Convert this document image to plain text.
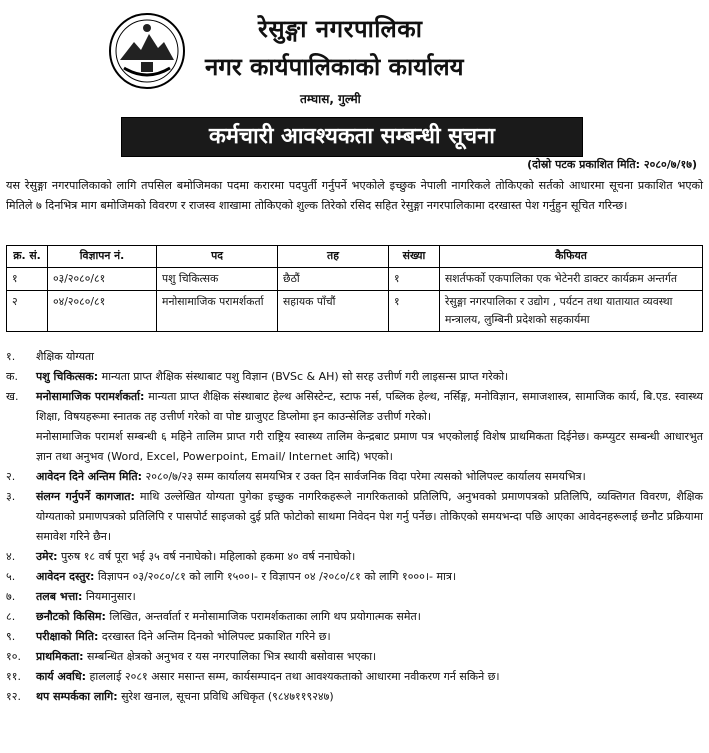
रेसुङ्गा नगरपालिका
नगर कार्यपालिकाको कार्यालय
तम्घास, गुल्मी
कर्मचारी आवश्यकता सम्बन्धी सूचना
(दोस्रो पटक प्रकाशित मिति: २०८०/७/१७)
यस रेसुङ्गा नगरपालिकाको लागि तपसिल बमोजिमका पदमा करारमा पदपुर्ती गर्नुपर्ने भएकोले इच्छुक नेपाली नागरिकले तोकिएको सर्तको आधारमा सूचना प्रकाशित भएको मितिले ७ दिनभित्र माग बमोजिमको विवरण र राजस्व शाखामा तोकिएको शुल्क तिरेको रसिद सहित रेसुङ्गा नगरपालिकामा दरखास्त पेश गर्नुहुन सूचित गरिन्छ।
क्र. सं.	विज्ञापन नं.	पद	तह	संख्या	कैफियत
१	०३/२०८०/८१	पशु चिकित्सक	छैठौं	१	सशर्तफर्को एकपालिका एक भेटेनरी डाक्टर कार्यक्रम अन्तर्गत
२	०४/२०८०/८१	मनोसामाजिक परामर्शकर्ता	सहायक पाँचौं	१	रेसुङ्गा नगरपालिका र उद्योग , पर्यटन तथा यातायात व्यवस्था मन्त्रालय, लुम्बिनी प्रदेशको सहकार्यमा
१.	शैक्षिक योग्यता
क.	पशु चिकित्सक: मान्यता प्राप्त शैक्षिक संस्थाबाट पशु विज्ञान (BVSc & AH) सो सरह उत्तीर्ण गरी लाइसन्स प्राप्त गरेको।
ख.	मनोसामाजिक परामर्शकर्ता: मान्यता प्राप्त शैक्षिक संस्थाबाट हेल्थ असिस्टेन्ट, स्टाफ नर्स, पब्लिक हेल्थ, नर्सिङ्ग, मनोविज्ञान, समाजशास्त्र, सामाजिक कार्य, बि.एड. स्वास्थ्य शिक्षा, विषयहरूमा स्नातक तह उत्तीर्ण गरेको वा पोष्ट ग्राजुएट डिप्लोमा इन काउन्सेलिङ उत्तीर्ण गरेको।
मनोसामाजिक परामर्श सम्बन्धी ६ महिने तालिम प्राप्त गरी राष्ट्रिय स्वास्थ्य तालिम केन्द्रबाट प्रमाण पत्र भएकोलाई विशेष प्राथमिकता दिईनेछ। कम्प्युटर सम्बन्धी आधारभुत ज्ञान तथा अनुभव (Word, Excel, Powerpoint, Email/ Internet आदि) भएको।
२.	आवेदन दिने अन्तिम मिति: २०८०/७/२३ सम्म कार्यालय समयभित्र र उक्त दिन सार्वजनिक विदा परेमा त्यसको भोलिपल्ट कार्यालय समयभित्र।
३.	संलग्न गर्नुपर्ने कागजात: माथि उल्लेखित योग्यता पुगेका इच्छुक नागरिकहरूले नागरिकताको प्रतिलिपि, अनुभवको प्रमाणपत्रको प्रतिलिपि, व्यक्तिगत विवरण, शैक्षिक योग्यताको प्रमाणपत्रको प्रतिलिपि र पासपोर्ट साइजको दुई प्रति फोटोको साथमा निवेदन पेश गर्नु पर्नेछ। तोकिएको समयभन्दा पछि आएका आवेदनहरूलाई छनौट प्रक्रियामा समावेश गरिने छैन।
४.	उमेर: पुरुष १८ वर्ष पूरा भई ३५ वर्ष ननाघेको। महिलाको हकमा ४० वर्ष ननाघेको।
५.	आवेदन दस्तुर: विज्ञापन ०३/२०८०/८१ को लागि १५००।- र विज्ञापन ०४ /२०८०/८१ को लागि १०००।- मात्र।
७.	तलब भत्ता: नियमानुसार।
८.	छनौटको किसिम: लिखित, अन्तर्वार्ता र मनोसामाजिक परामर्शकताका लागि थप प्रयोगात्मक समेत।
९.	परीक्षाको मिति: दरखास्त दिने अन्तिम दिनको भोलिपल्ट प्रकाशित गरिने छ।
१०.	प्राथमिकता: सम्बन्धित क्षेत्रको अनुभव र यस नगरपालिका भित्र स्थायी बसोवास भएका।
११.	कार्य अवधि: हाललाई २०८१ असार मसान्त सम्म, कार्यसम्पादन तथा आवश्यकताको आधारमा नवीकरण गर्न सकिने छ।
१२.	थप सम्पर्कका लागि: सुरेश खनाल, सूचना प्रविधि अधिकृत (९८४७११९२४७)
